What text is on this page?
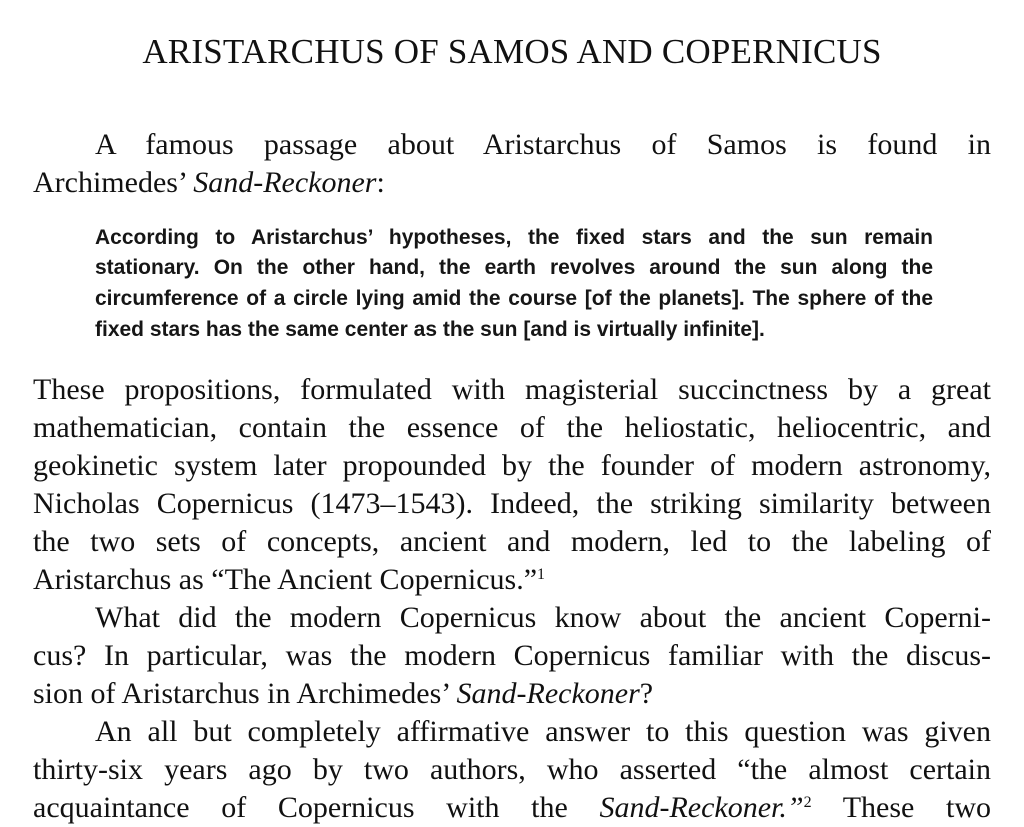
ARISTARCHUS OF SAMOS AND COPERNICUS

A famous passage about Aristarchus of Samos is found in

Archimedes’ Sand-Reckoner:

According to Aristarchus’ hypotheses, the fixed stars and the sun remain

stationary. On the other hand, the earth revolves around the sun along the

circumference of a circle lying amid the course [of the planets]. The sphere of the

fixed stars has the same center as the sun [and is virtually infinite].

These propositions, formulated with magisterial succinctness by a great

mathematician, contain the essence of the heliostatic, heliocentric, and

geokinetic system later propounded by the founder of modern astronomy,

Nicholas Copernicus (1473–1543). Indeed, the striking similarity between

the two sets of concepts, ancient and modern, led to the labeling of

Aristarchus as “The Ancient Copernicus.”$^1$

What did the modern Copernicus know about the ancient Coperni-

cus? In particular, was the modern Copernicus familiar with the discus-

sion of Aristarchus in Archimedes’ Sand-Reckoner?

An all but completely affirmative answer to this question was given

thirty-six years ago by two authors, who asserted “the almost certain

acquaintance of Copernicus with the Sand-Reckoner.”$^2$ These two
